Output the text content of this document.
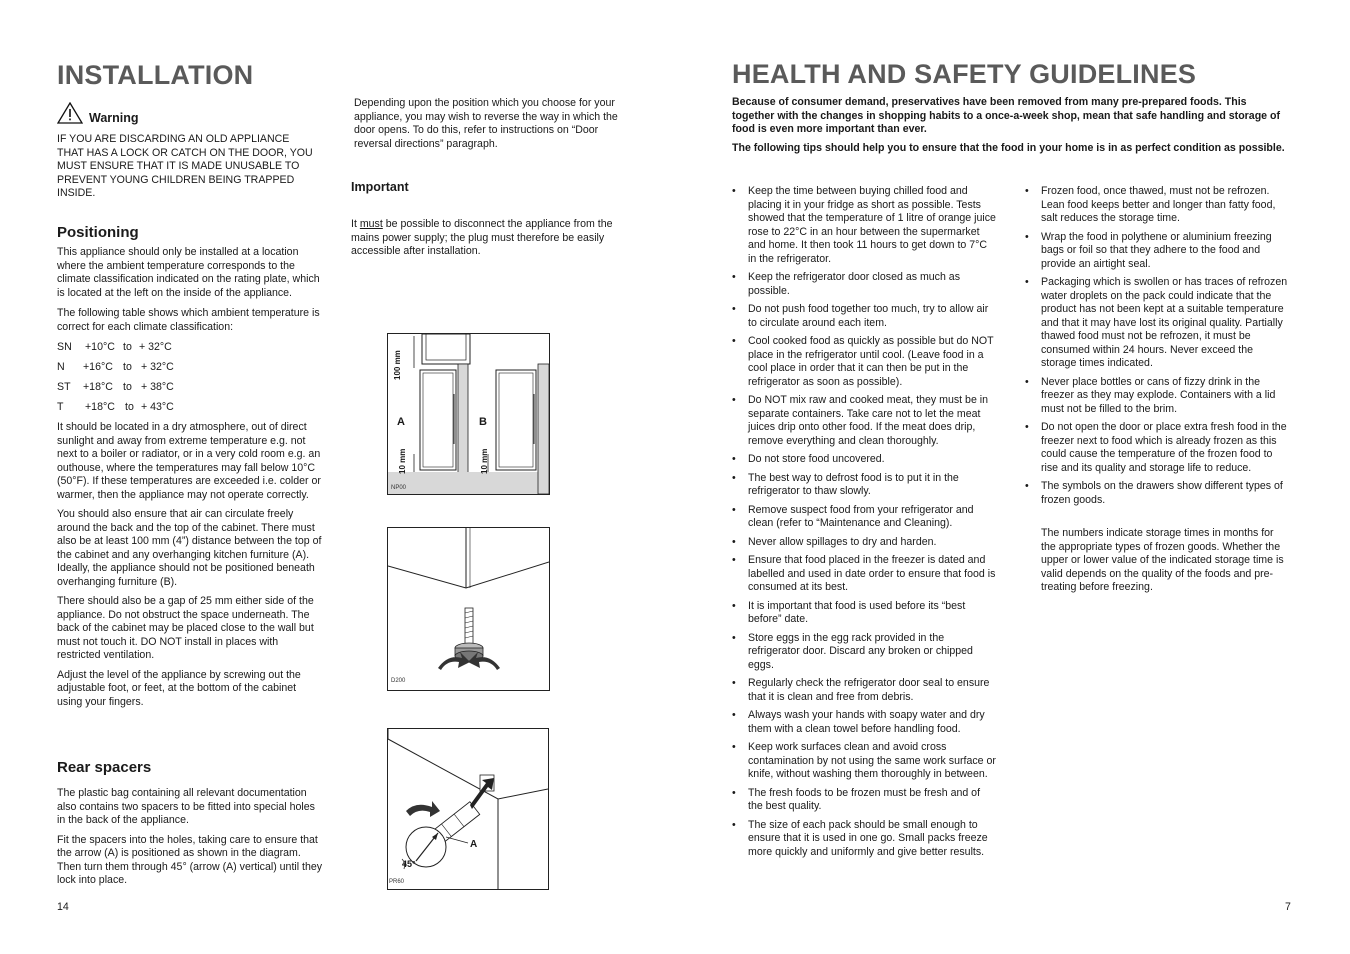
INSTALLATION
Warning

IF YOU ARE DISCARDING AN OLD APPLIANCE THAT HAS A LOCK OR CATCH ON THE DOOR, YOU MUST ENSURE THAT IT IS MADE UNUSABLE TO PREVENT YOUNG CHILDREN BEING TRAPPED INSIDE.

Positioning

This appliance should only be installed at a location where the ambient temperature corresponds to the climate classification indicated on the rating plate, which is located at the left on the inside of the appliance.

The following table shows which ambient temperature is correct for each climate classification:

SN +10°C to + 32°C
N +16°C to + 32°C
ST +18°C to + 38°C
T +18°C to + 43°C

It should be located in a dry atmosphere, out of direct sunlight and away from extreme temperature e.g. not next to a boiler or radiator, or in a very cold room e.g. an outhouse, where the temperatures may fall below 10°C (50°F). If these temperatures are exceeded i.e. colder or warmer, then the appliance may not operate correctly.

You should also ensure that air can circulate freely around the back and the top of the cabinet. There must also be at least 100 mm (4”) distance between the top of the cabinet and any overhanging kitchen furniture (A). Ideally, the appliance should not be positioned beneath overhanging furniture (B).

There should also be a gap of 25 mm either side of the appliance. Do not obstruct the space underneath. The back of the cabinet may be placed close to the wall but must not touch it. DO NOT install in places with restricted ventilation.

Adjust the level of the appliance by screwing out the adjustable foot, or feet, at the bottom of the cabinet using your fingers.

Rear spacers

The plastic bag containing all relevant documentation also contains two spacers to be fitted into special holes in the back of the appliance.

Fit the spacers into the holes, taking care to ensure that the arrow (A) is positioned as shown in the diagram. Then turn them through 45° (arrow (A) vertical) until they lock into place.

14

Depending upon the position which you choose for your appliance, you may wish to reverse the way in which the door opens. To do this, refer to instructions on “Door reversal directions” paragraph.

Important

It must be possible to disconnect the appliance from the mains power supply; the plug must therefore be easily accessible after installation.

100 mm
A	B
10 mm	10 mm
NP00
D200
A
45°
PR60
HEALTH AND SAFETY GUIDELINES

Because of consumer demand, preservatives have been removed from many pre-prepared foods. This together with the changes in shopping habits to a once-a-week shop, mean that safe handling and storage of food is even more important than ever.

The following tips should help you to ensure that the food in your home is in as perfect condition as possible.

• Keep the time between buying chilled food and placing it in your fridge as short as possible. Tests showed that the temperature of 1 litre of orange juice rose to 22°C in an hour between the supermarket and home. It then took 11 hours to get down to 7°C in the refrigerator.
• Keep the refrigerator door closed as much as possible.
• Do not push food together too much, try to allow air to circulate around each item.
• Cool cooked food as quickly as possible but do NOT place in the refrigerator until cool. (Leave food in a cool place in order that it can then be put in the refrigerator as soon as possible).
• Do NOT mix raw and cooked meat, they must be in separate containers. Take care not to let the meat juices drip onto other food. If the meat does drip, remove everything and clean thoroughly.
• Do not store food uncovered.
• The best way to defrost food is to put it in the refrigerator to thaw slowly.
• Remove suspect food from your refrigerator and clean (refer to “Maintenance and Cleaning).
• Never allow spillages to dry and harden.
• Ensure that food placed in the freezer is dated and labelled and used in date order to ensure that food is consumed at its best.
• It is important that food is used before its “best before” date.
• Store eggs in the egg rack provided in the refrigerator door. Discard any broken or chipped eggs.
• Regularly check the refrigerator door seal to ensure that it is clean and free from debris.
• Always wash your hands with soapy water and dry them with a clean towel before handling food.
• Keep work surfaces clean and avoid cross contamination by not using the same work surface or knife, without washing them thoroughly in between.
• The fresh foods to be frozen must be fresh and of the best quality.
• The size of each pack should be small enough to ensure that it is used in one go. Small packs freeze more quickly and uniformly and give better results.
• Frozen food, once thawed, must not be refrozen. Lean food keeps better and longer than fatty food, salt reduces the storage time.
• Wrap the food in polythene or aluminium freezing bags or foil so that they adhere to the food and provide an airtight seal.
• Packaging which is swollen or has traces of refrozen water droplets on the pack could indicate that the product has not been kept at a suitable temperature and that it may have lost its original quality. Partially thawed food must not be refrozen, it must be consumed within 24 hours. Never exceed the storage times indicated.
• Never place bottles or cans of fizzy drink in the freezer as they may explode. Containers with a lid must not be filled to the brim.
• Do not open the door or place extra fresh food in the freezer next to food which is already frozen as this could cause the temperature of the frozen food to rise and its quality and storage life to reduce.
• The symbols on the drawers show different types of frozen goods.

The numbers indicate storage times in months for the appropriate types of frozen goods. Whether the upper or lower value of the indicated storage time is valid depends on the quality of the foods and pre-treating before freezing.

7
